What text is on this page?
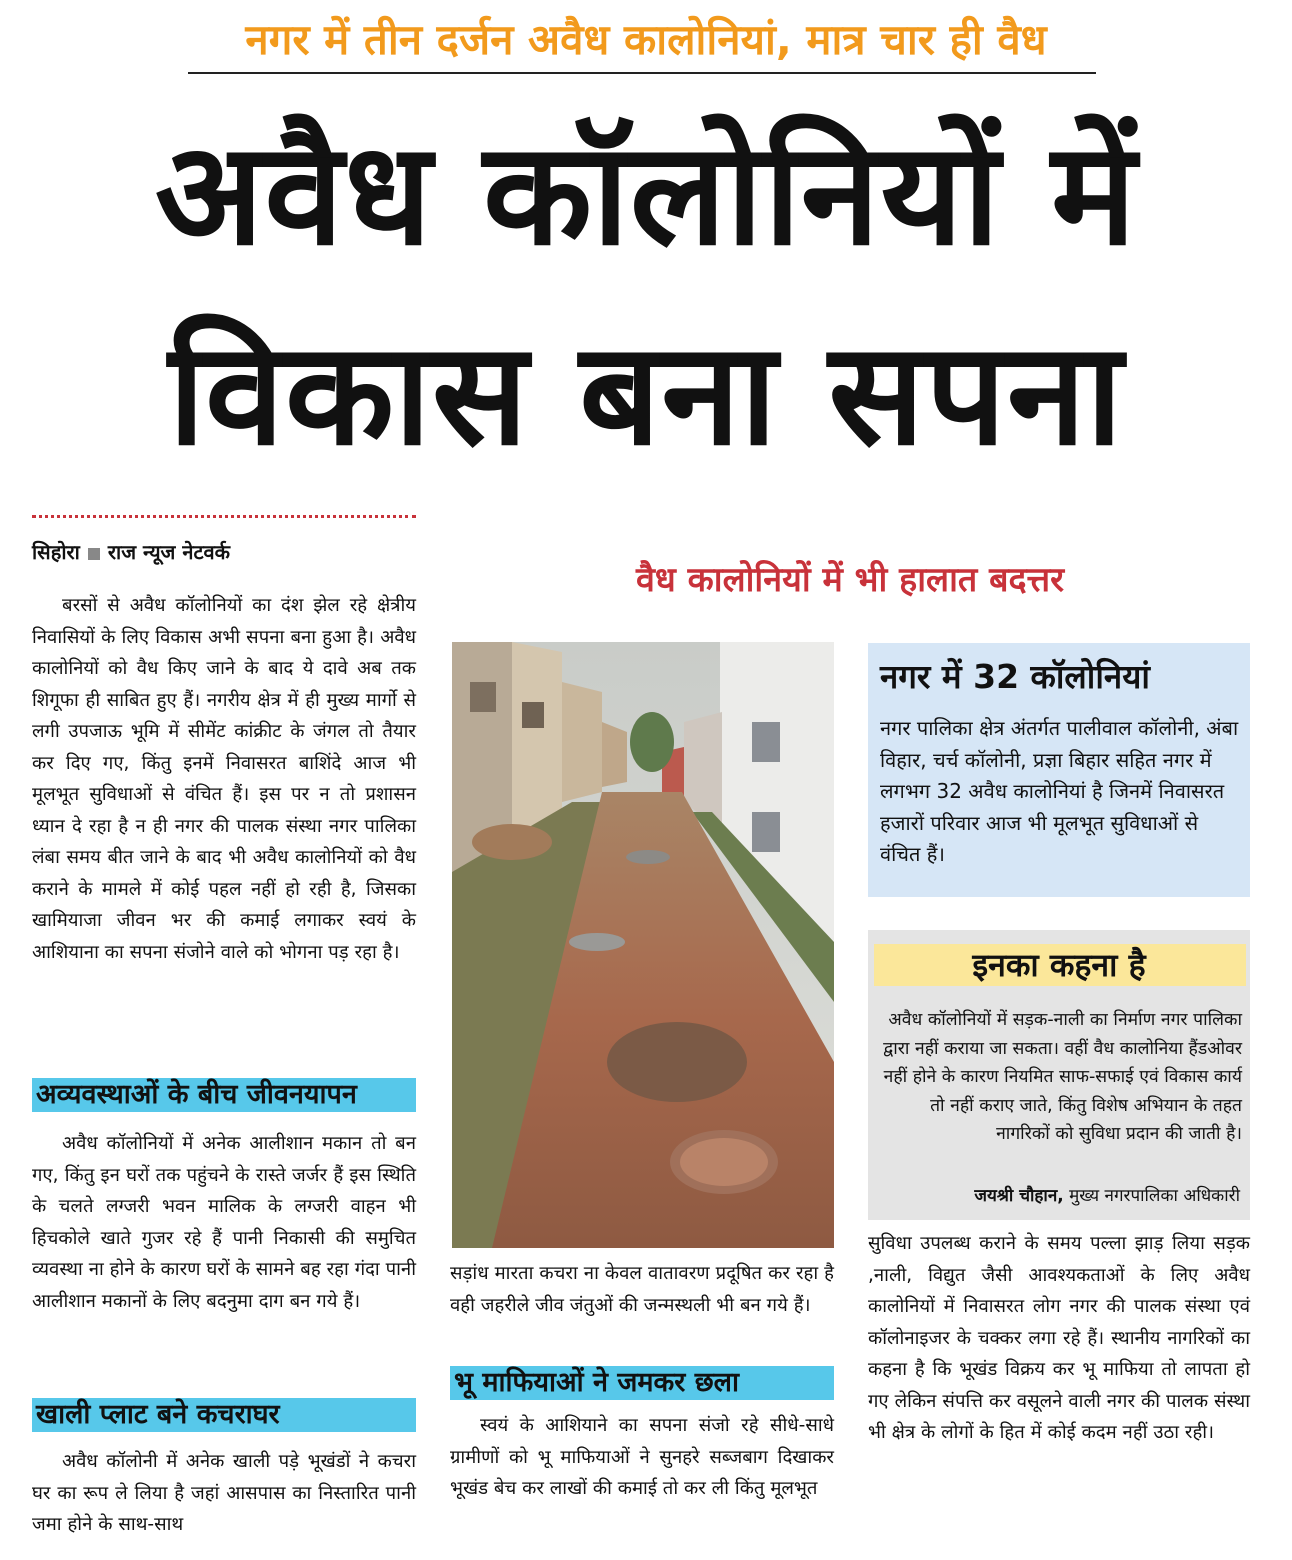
नगर में तीन दर्जन अवैध कालोनियां, मात्र चार ही वैध
अवैध कॉलोनियों में
विकास बना सपना
सिहोरा राज न्यूज नेटवर्क
वैध कालोनियों में भी हालात बदत्तर

बरसों से अवैध कॉलोनियों का दंश झेल रहे क्षेत्रीय निवासियों के लिए विकास अभी सपना बना हुआ है। अवैध कालोनियों को वैध किए जाने के बाद ये दावे अब तक शिगूफा ही साबित हुए हैं। नगरीय क्षेत्र में ही मुख्य मार्गो से लगी उपजाऊ भूमि में सीमेंट कांक्रीट के जंगल तो तैयार कर दिए गए, किंतु इनमें निवासरत बाशिंदे आज भी मूलभूत सुविधाओं से वंचित हैं। इस पर न तो प्रशासन ध्यान दे रहा है न ही नगर की पालक संस्था नगर पालिका लंबा समय बीत जाने के बाद भी अवैध कालोनियों को वैध कराने के मामले में कोई पहल नहीं हो रही है, जिसका खामियाजा जीवन भर की कमाई लगाकर स्वयं के आशियाना का सपना संजोने वाले को भोगना पड़ रहा है।

अव्यवस्थाओं के बीच जीवनयापन

अवैध कॉलोनियों में अनेक आलीशान मकान तो बन गए, किंतु इन घरों तक पहुंचने के रास्ते जर्जर हैं इस स्थिति के चलते लग्जरी भवन मालिक के लग्जरी वाहन भी हिचकोले खाते गुजर रहे हैं पानी निकासी की समुचित व्यवस्था ना होने के कारण घरों के सामने बह रहा गंदा पानी आलीशान मकानों के लिए बदनुमा दाग बन गये हैं।

खाली प्लाट बने कचराघर

अवैध कॉलोनी में अनेक खाली पड़े भूखंडों ने कचरा घर का रूप ले लिया है जहां आसपास का निस्तारित पानी जमा होने के साथ-साथ

सड़ांध मारता कचरा ना केवल वातावरण प्रदूषित कर रहा है वही जहरीले जीव जंतुओं की जन्मस्थली भी बन गये हैं।

भू माफियाओं ने जमकर छला

स्वयं के आशियाने का सपना संजो रहे सीधे-साधे ग्रामीणों को भू माफियाओं ने सुनहरे सब्जबाग दिखाकर भूखंड बेच कर लाखों की कमाई तो कर ली किंतु मूलभूत

नगर में 32 कॉलोनियां
नगर पालिका क्षेत्र अंतर्गत पालीवाल कॉलोनी, अंबा विहार, चर्च कॉलोनी, प्रज्ञा बिहार सहित नगर में लगभग 32 अवैध कालोनियां है जिनमें निवासरत हजारों परिवार आज भी मूलभूत सुविधाओं से वंचित हैं।
इनका कहना है
अवैध कॉलोनियों में सड़क-नाली का निर्माण नगर पालिका द्वारा नहीं कराया जा सकता। वहीं वैध कालोनिया हैंडओवर नहीं होने के कारण नियमित साफ-सफाई एवं विकास कार्य तो नहीं कराए जाते, किंतु विशेष अभियान के तहत नागरिकों को सुविधा प्रदान की जाती है।
जयश्री चौहान, मुख्य नगरपालिका अधिकारी

सुविधा उपलब्ध कराने के समय पल्ला झाड़ लिया सड़क ,नाली, विद्युत जैसी आवश्यकताओं के लिए अवैध कालोनियों में निवासरत लोग नगर की पालक संस्था एवं कॉलोनाइजर के चक्कर लगा रहे हैं। स्थानीय नागरिकों का कहना है कि भूखंड विक्रय कर भू माफिया तो लापता हो गए लेकिन संपत्ति कर वसूलने वाली नगर की पालक संस्था भी क्षेत्र के लोगों के हित में कोई कदम नहीं उठा रही।
